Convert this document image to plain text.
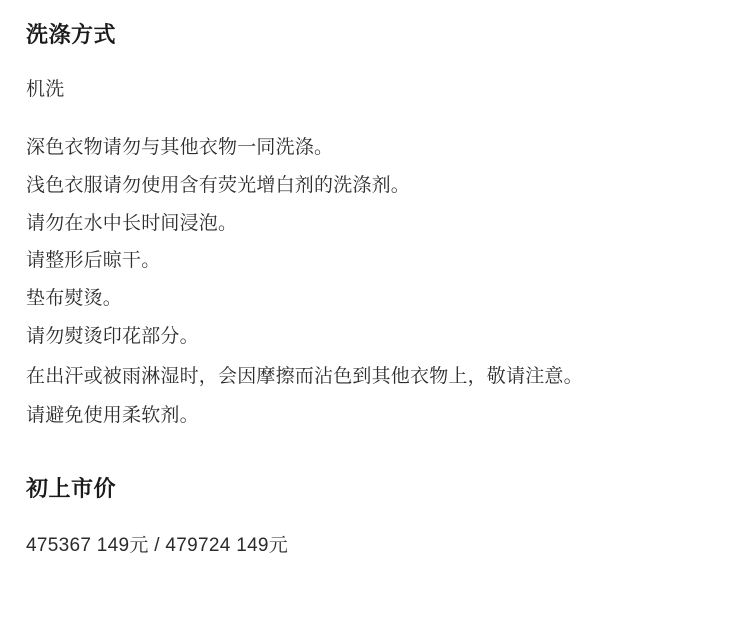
洗涤方式

机洗

深色衣物请勿与其他衣物一同洗涤。

浅色衣服请勿使用含有荧光增白剂的洗涤剂。

请勿在水中长时间浸泡。

请整形后晾干。

垫布熨烫。

请勿熨烫印花部分。

在出汗或被雨淋湿时，会因摩擦而沾色到其他衣物上，敬请注意。

请避免使用柔软剂。

初上市价

475367 149元 / 479724 149元
